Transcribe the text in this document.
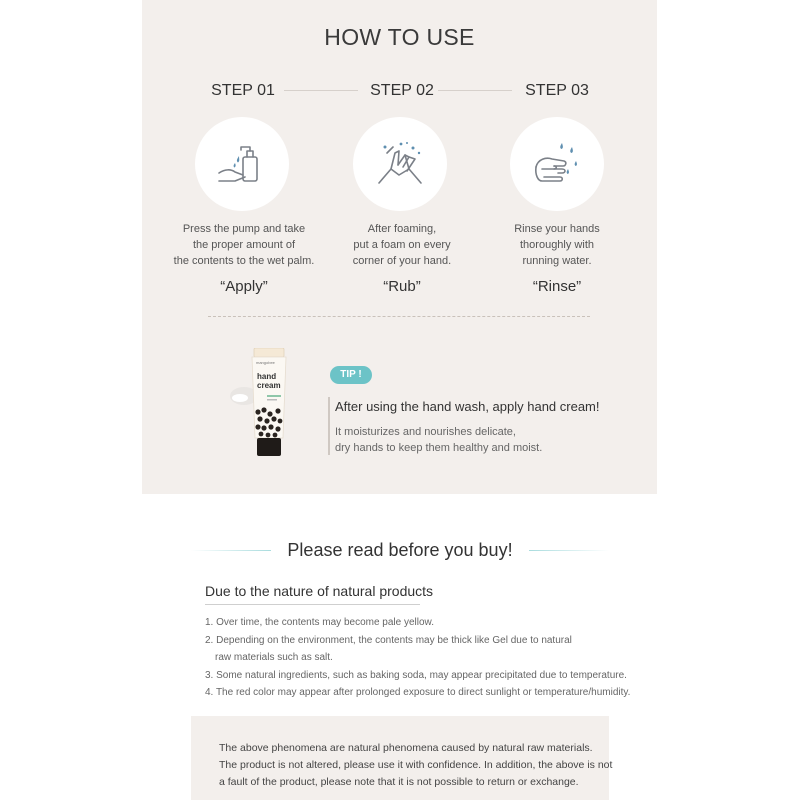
HOW TO USE
STEP 01	STEP 02	STEP 03
Press the pump and take
the proper amount of
the contents to the wet palm.
After foaming,
put a foam on every
corner of your hand.
Rinse your hands
thoroughly with
running water.
“Apply”	“Rub”	“Rinse”
mangobee
hand
cream
TIP !
After using the hand wash, apply hand cream!
It moisturizes and nourishes delicate,
dry hands to keep them healthy and moist.
Please read before you buy!
Due to the nature of natural products
1. Over time, the contents may become pale yellow.
2. Depending on the environment, the contents may be thick like Gel due to natural
raw materials such as salt.
3. Some natural ingredients, such as baking soda, may appear precipitated due to temperature.
4. The red color may appear after prolonged exposure to direct sunlight or temperature/humidity.
The above phenomena are natural phenomena caused by natural raw materials.
The product is not altered, please use it with confidence. In addition, the above is not
a fault of the product, please note that it is not possible to return or exchange.
